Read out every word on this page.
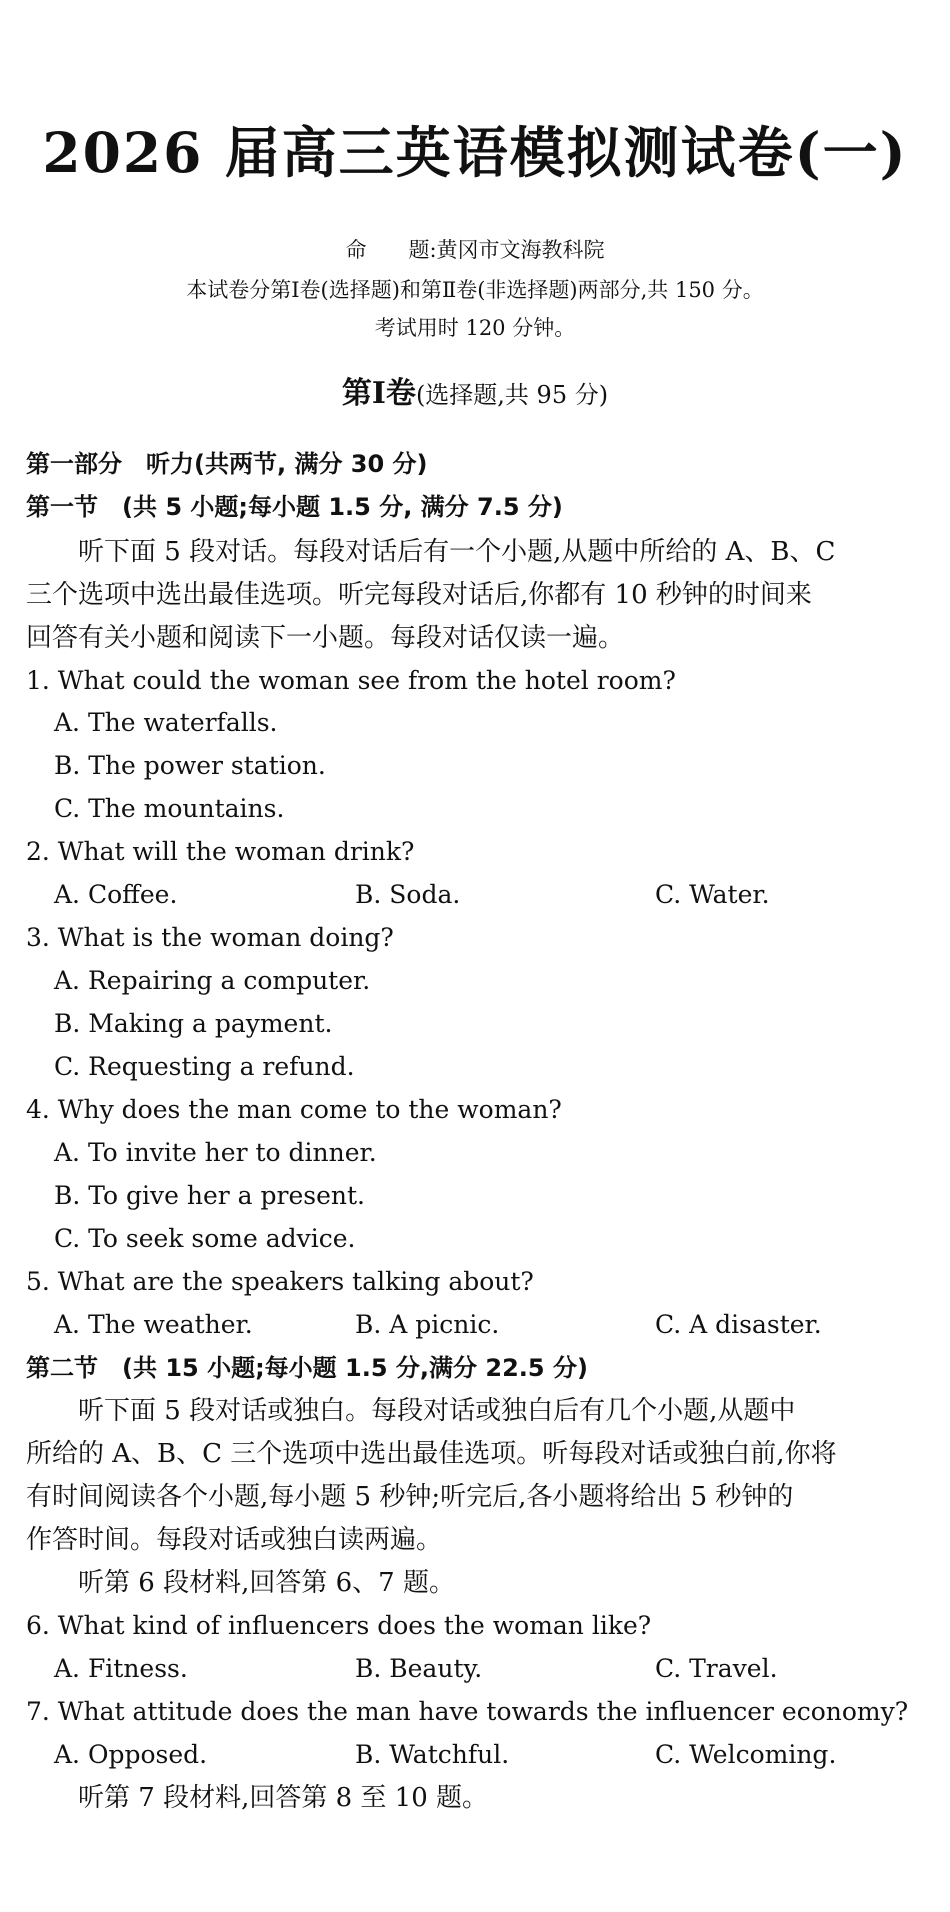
2026 届高三英语模拟测试卷(一)
命　　题:黄冈市文海教科院
本试卷分第Ⅰ卷(选择题)和第Ⅱ卷(非选择题)两部分,共 150 分。
考试用时 120 分钟。
第Ⅰ卷(选择题,共 95 分)
第一部分　听力(共两节, 满分 30 分)
第一节　(共 5 小题;每小题 1.5 分, 满分 7.5 分)
　　听下面 5 段对话。每段对话后有一个小题,从题中所给的 A、B、C
三个选项中选出最佳选项。听完每段对话后,你都有 10 秒钟的时间来
回答有关小题和阅读下一小题。每段对话仅读一遍。
1. What could the woman see from the hotel room?
A. The waterfalls.
B. The power station.
C. The mountains.
2. What will the woman drink?
A. Coffee.	B. Soda.	C. Water.
3. What is the woman doing?
A. Repairing a computer.
B. Making a payment.
C. Requesting a refund.
4. Why does the man come to the woman?
A. To invite her to dinner.
B. To give her a present.
C. To seek some advice.
5. What are the speakers talking about?
A. The weather.	B. A picnic.	C. A disaster.
第二节　(共 15 小题;每小题 1.5 分,满分 22.5 分)
　　听下面 5 段对话或独白。每段对话或独白后有几个小题,从题中
所给的 A、B、C 三个选项中选出最佳选项。听每段对话或独白前,你将
有时间阅读各个小题,每小题 5 秒钟;听完后,各小题将给出 5 秒钟的
作答时间。每段对话或独白读两遍。
　　听第 6 段材料,回答第 6、7 题。
6. What kind of influencers does the woman like?
A. Fitness.	B. Beauty.	C. Travel.
7. What attitude does the man have towards the influencer economy?
A. Opposed.	B. Watchful.	C. Welcoming.
　　听第 7 段材料,回答第 8 至 10 题。
